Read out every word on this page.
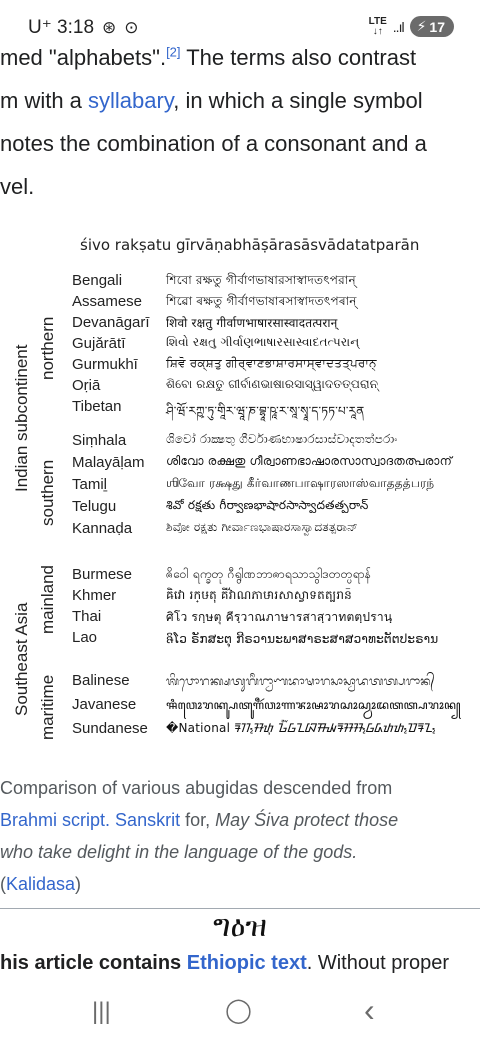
U⁺ 3:18 ⊛ ⊙	LTE
↓↑ ..ıl ⚡ 17

med "alphabets".[2] The terms also contrast

m with a syllabary, in which a single symbol

notes the combination of a consonant and a

vel.

śivo rakṣatu gīrvāṇabhāṣārasāsvādatatparān
Indian subcontinent northern
southern
Southeast Asia
mainland
maritime
Bengali	শিবো রক্ষতু গীর্বাণভাষারসাস্বাদতৎপরান্
Assamese	শিৱো ৰক্ষতু গীৰ্বাণভাষাৰসাস্বাদতৎপৰান্
Devanāgarī	शिवो रक्षतु गीर्वाणभाषारसास्वादतत्परान्
Gujǎrātī	શિવો રક્ષતુ ગીર્વાણભાષારસાસ્વાદતત્પરાન્
Gurmukhī	ਸ਼ਿਵੋ ਰਕ੍ਸ਼ਤੁ ਗੀਰ੍ਵਾਣਭਾਸ਼ਾਰਸਾਸ੍ਵਾਦਤਤ੍ਪਰਾਨ੍
Oṛiā	ଶିବୋ ରକ୍ଷତୁ ଗୀର୍ବାଣଭାଷାରସାସ୍ୱାଦତତ୍ପରାନ୍
Tibetan	ཤི་ཝོ་རཀྵ་ཏུ་གཱིར་ཝཱ་ཎ་བྷཱ་ཥཱ་ར་སཱ་སྭཱ་ད་ཏཏ་པ་རཱན
Siṃhala	ශිවෝ රාක්‍ෂතු ගීර්වාණභාෂාරසාස්වාදතත්පරාං
Malayāḷam	ശിവോ രക്ഷതു ഗീര്വാണഭാഷാരസാസ്വാദതത്പരാന്
Tamiḻ	ஶிவோ ரக்ஷது கீர்வாணபாஷாரஸாஸ்வாததத்பரந்
Telugu	శివో రక్షతు గీర్వాణభాషారసాస్వాదతత్పరాన్
Kannaḍa	ಶಿವೋ ರಕ್ಷತು ಗೀರ್ವಾಣಭಾಷಾರಸಾಸ್ವಾದತತ್ಪರಾನ್
Burmese	ၐိဝေါ ရက္ခတု ဂီရွါဏဘာၐာရသာသွါဒတတ္ပရာန်
Khmer	ឝិវោ រក្ឞតុ គីវ៌ាណភាឞារសាស្វាទតត្បរាន៑
Thai	ศิโว รกฺษตุ คีรฺวาณภาษารสาสฺวาทตตฺปรานฺ
Lao	ຨິໂວ ຣັກສະຕຸ ກີຣວານະພາສາຣະສາສວາທະຕັຕປະຣານ
Balinese	ᬰᬶᬯᭀᬭᬓ᭄ᬱᬢᬸᬕᬷᬭ᭄ᬯᬵᬡᬪᬵᬱᬵᬭᬲᬵᬲ᭄ᬯᬵᬤᬢᬢ᭄ᬧᬭᬵᬦ᭄
Javanese	ꦯꦶꦮꦺꦴꦫꦏ꧀ꦰꦠꦸꦒꦷꦂꦮꦴꦟꦨꦴꦰꦴꦫꦱꦴꦱ꧀ꦮꦴꦢꦠꦠ꧀ꦥꦫꦴꦤ꧀
Sundanese	�National ᮛᮊ᮪ᮞᮒᮥ ᮌᮤᮁᮝᮔᮘᮯᮛᮞᮞ᮪ᮝᮓᮒᮒ᮪ᮕᮛᮔ᮪

Comparison of various abugidas descended from

Brahmi script. Sanskrit for, May Śiva protect those

who take delight in the language of the gods.

(Kalidasa)

ግዕዝ
his article contains Ethiopic text. Without proper
|||	◯	‹
